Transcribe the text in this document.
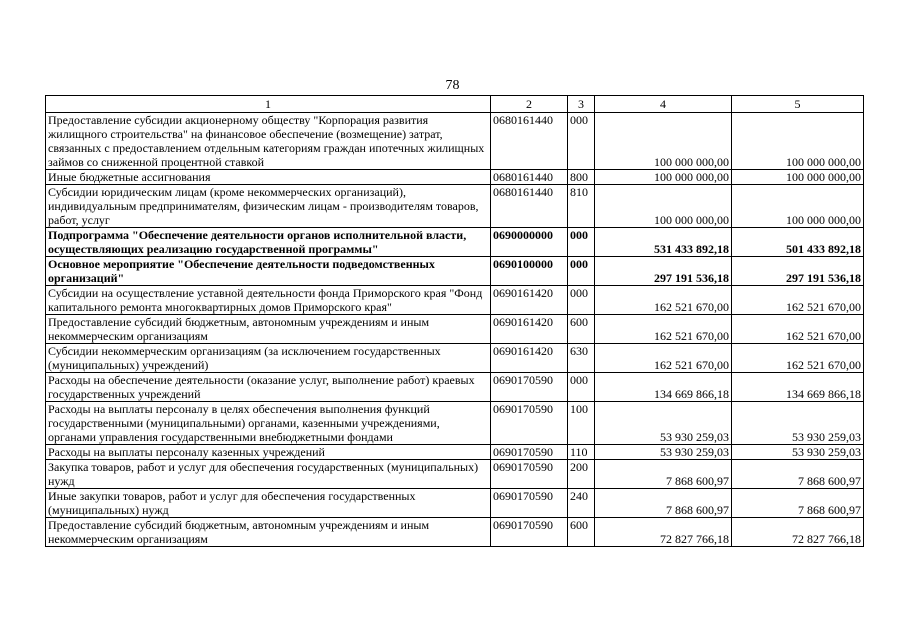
78
1	2	3	4	5
Предоставление субсидии акционерному обществу "Корпорация развития жилищного строительства" на финансовое обеспечение (возмещение) затрат, связанных с предоставлением отдельным категориям граждан ипотечных жилищных займов со сниженной процентной ставкой	0680161440	000	100 000 000,00	100 000 000,00
Иные бюджетные ассигнования	0680161440	800	100 000 000,00	100 000 000,00
Субсидии юридическим лицам (кроме некоммерческих организаций), индивидуальным предпринимателям, физическим лицам - производителям товаров, работ, услуг	0680161440	810	100 000 000,00	100 000 000,00
Подпрограмма "Обеспечение деятельности органов исполнительной власти, осуществляющих реализацию государственной программы"	0690000000	000	531 433 892,18	501 433 892,18
Основное мероприятие "Обеспечение деятельности подведомственных организаций"	0690100000	000	297 191 536,18	297 191 536,18
Субсидии на осуществление уставной деятельности фонда Приморского края "Фонд капитального ремонта многоквартирных домов Приморского края"	0690161420	000	162 521 670,00	162 521 670,00
Предоставление субсидий бюджетным, автономным учреждениям и иным некоммерческим организациям	0690161420	600	162 521 670,00	162 521 670,00
Субсидии некоммерческим организациям (за исключением государственных (муниципальных) учреждений)	0690161420	630	162 521 670,00	162 521 670,00
Расходы на обеспечение деятельности (оказание услуг, выполнение работ) краевых государственных учреждений	0690170590	000	134 669 866,18	134 669 866,18
Расходы на выплаты персоналу в целях обеспечения выполнения функций государственными (муниципальными) органами, казенными учреждениями, органами управления государственными внебюджетными фондами	0690170590	100	53 930 259,03	53 930 259,03
Расходы на выплаты персоналу казенных учреждений	0690170590	110	53 930 259,03	53 930 259,03
Закупка товаров, работ и услуг для обеспечения государственных (муниципальных) нужд	0690170590	200	7 868 600,97	7 868 600,97
Иные закупки товаров, работ и услуг для обеспечения государственных (муниципальных) нужд	0690170590	240	7 868 600,97	7 868 600,97
Предоставление субсидий бюджетным, автономным учреждениям и иным некоммерческим организациям	0690170590	600	72 827 766,18	72 827 766,18
